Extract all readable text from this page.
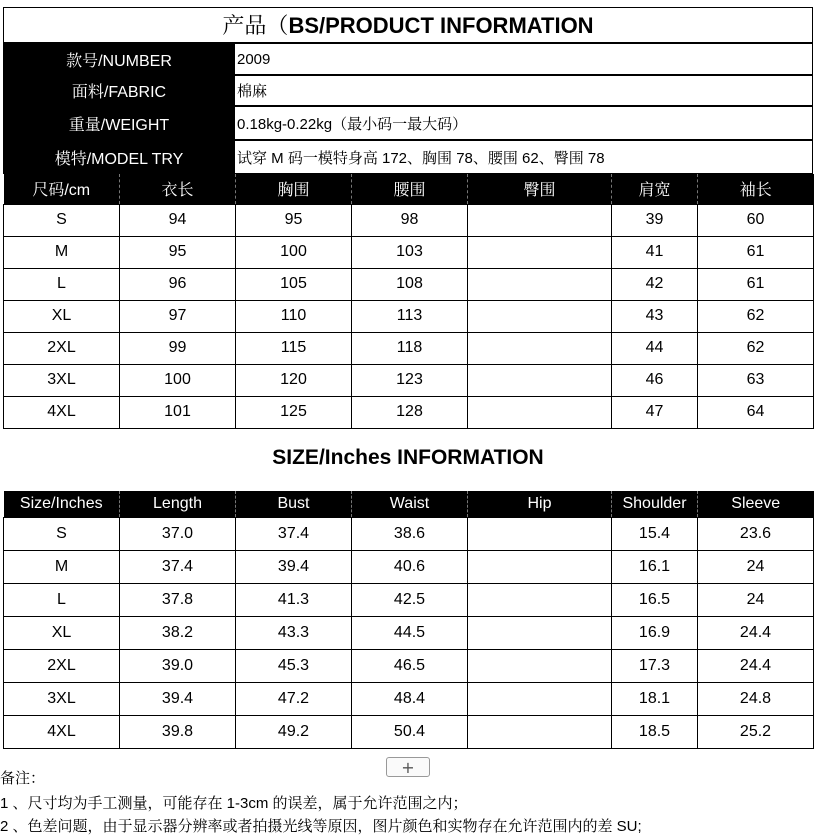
产品（BS/PRODUCT INFORMATION
款号/NUMBER	2009
面料/FABRIC	棉麻
重量/WEIGHT	0.18kg-0.22kg（最小码一最大码）
模特/MODEL TRY	试穿 M 码一模特身高 172、胸围 78、腰围 62、臀围 78
尺码/cm	衣长	胸围	腰围	臀围	肩宽	袖长
S	94	95	98		39	60
M	95	100	103		41	61
L	96	105	108		42	61
XL	97	110	113		43	62
2XL	99	115	118		44	62
3XL	100	120	123		46	63
4XL	101	125	128		47	64
SIZE/Inches INFORMATION
Size/Inches	Length	Bust	Waist	Hip	Shoulder	Sleeve
S	37.0	37.4	38.6		15.4	23.6
M	37.4	39.4	40.6		16.1	24
L	37.8	41.3	42.5		16.5	24
XL	38.2	43.3	44.5		16.9	24.4
2XL	39.0	45.3	46.5		17.3	24.4
3XL	39.4	47.2	48.4		18.1	24.8
4XL	39.8	49.2	50.4		18.5	25.2
+
备注：
1 、尺寸均为手工测量，可能存在 1-3cm 的误差，属于允许范围之内；
2 、色差问题，由于显示器分辨率或者拍摄光线等原因，图片颜色和实物存在允许范围内的差 SU;
